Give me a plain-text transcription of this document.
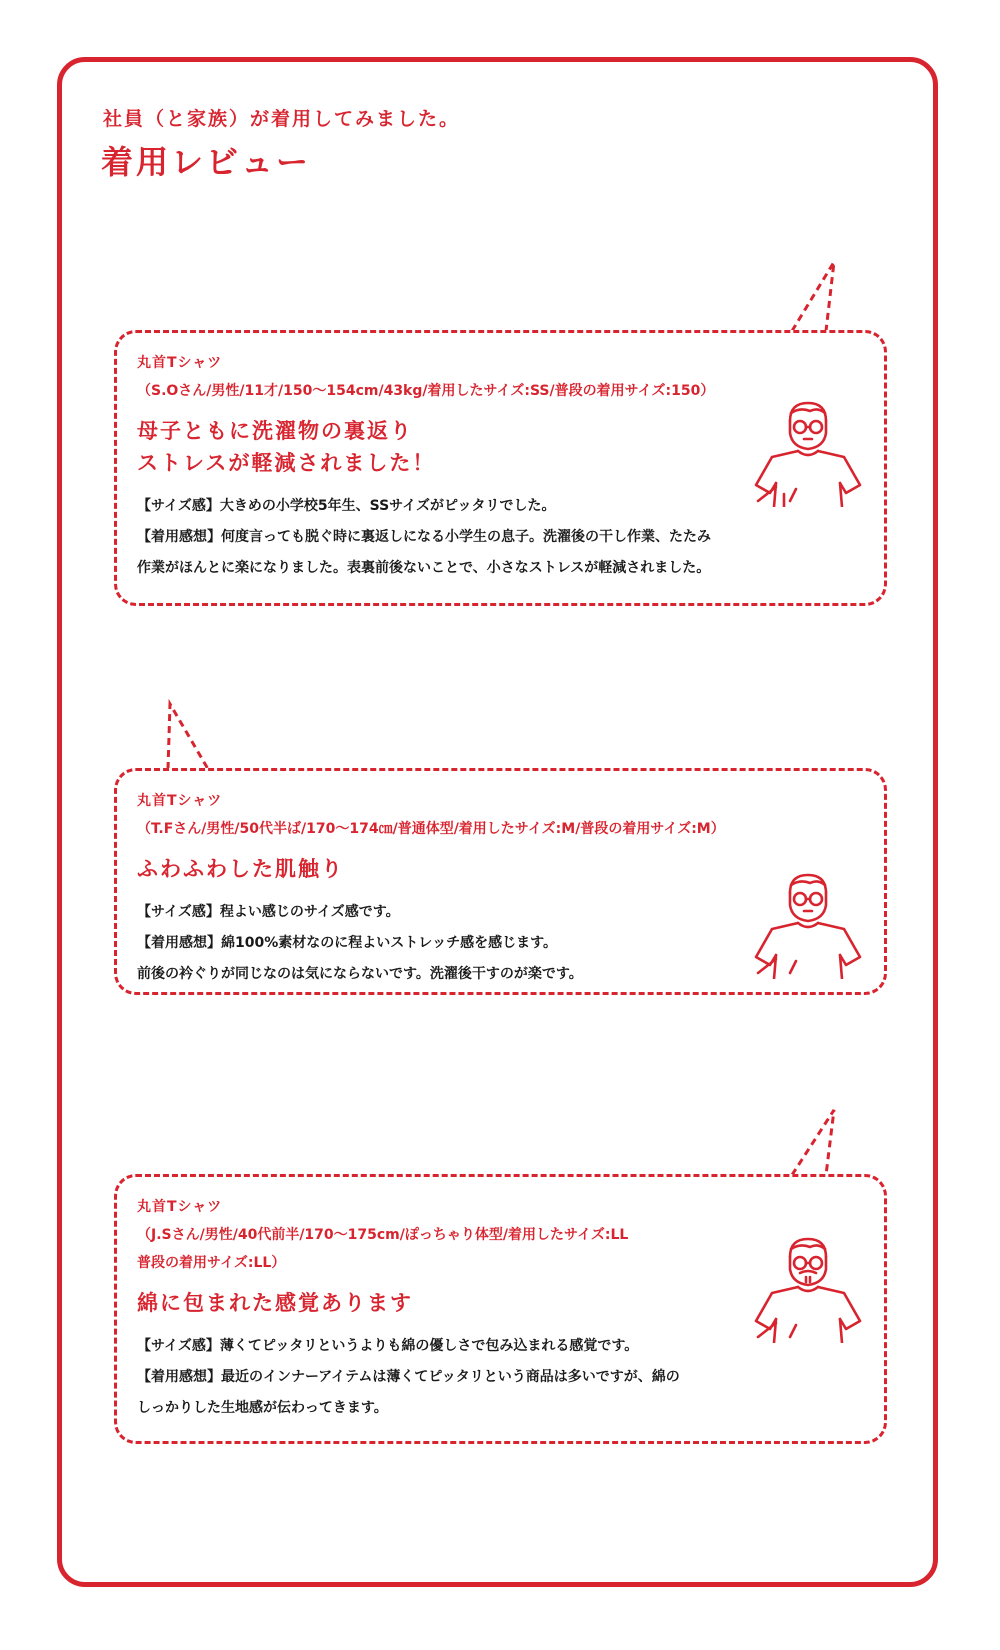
社員（と家族）が着用してみました。
着用レビュー
丸首Tシャツ
（S.Oさん/男性/11才/150〜154cm/43kg/着用したサイズ:SS/普段の着用サイズ:150）
母子ともに洗濯物の裏返り
ストレスが軽減されました！
【サイズ感】大きめの小学校5年生、SSサイズがピッタリでした。
【着用感想】何度言っても脱ぐ時に裏返しになる小学生の息子。洗濯後の干し作業、たたみ
作業がほんとに楽になりました。表裏前後ないことで、小さなストレスが軽減されました。
丸首Tシャツ
（T.Fさん/男性/50代半ば/170〜174㎝/普通体型/着用したサイズ:M/普段の着用サイズ:M）
ふわふわした肌触り
【サイズ感】程よい感じのサイズ感です。
【着用感想】綿100%素材なのに程よいストレッチ感を感じます。
前後の衿ぐりが同じなのは気にならないです。洗濯後干すのが楽です。
丸首Tシャツ
（J.Sさん/男性/40代前半/170〜175cm/ぽっちゃり体型/着用したサイズ:LL
普段の着用サイズ:LL）
綿に包まれた感覚あります
【サイズ感】薄くてピッタリというよりも綿の優しさで包み込まれる感覚です。
【着用感想】最近のインナーアイテムは薄くてピッタリという商品は多いですが、綿の
しっかりした生地感が伝わってきます。
